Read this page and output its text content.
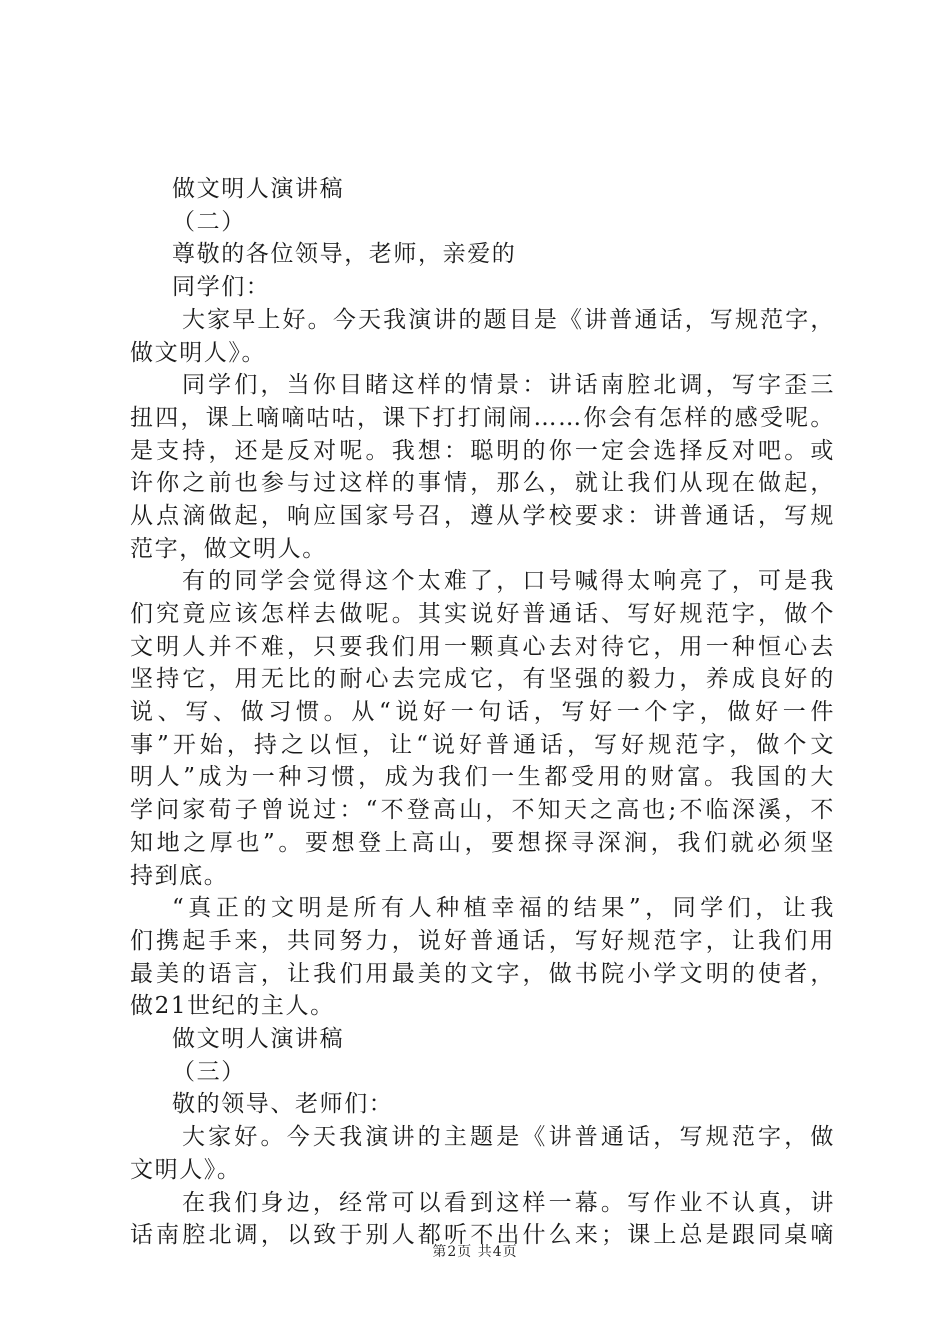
做文明人演讲稿
（二）
尊敬的各位领导，老师，亲爱的
同学们：
大家早上好。今天我演讲的题目是《讲普通话，写规范字，
做文明人》。
同学们，当你目睹这样的情景：讲话南腔北调，写字歪三
扭四，课上嘀嘀咕咕，课下打打闹闹……你会有怎样的感受呢。
是支持，还是反对呢。我想：聪明的你一定会选择反对吧。或
许你之前也参与过这样的事情，那么，就让我们从现在做起，
从点滴做起，响应国家号召，遵从学校要求：讲普通话，写规
范字，做文明人。
有的同学会觉得这个太难了，口号喊得太响亮了，可是我
们究竟应该怎样去做呢。其实说好普通话、写好规范字，做个
文明人并不难，只要我们用一颗真心去对待它，用一种恒心去
坚持它，用无比的耐心去完成它，有坚强的毅力，养成良好的
说、写、做习惯。从“说好一句话，写好一个字，做好一件
事”开始，持之以恒，让“说好普通话，写好规范字，做个文
明人”成为一种习惯，成为我们一生都受用的财富。我国的大
学问家荀子曾说过：“不登高山，不知天之高也;不临深溪，不
知地之厚也”。要想登上高山，要想探寻深涧，我们就必须坚
持到底。
“真正的文明是所有人种植幸福的结果”，同学们，让我
们携起手来，共同努力，说好普通话，写好规范字，让我们用
最美的语言，让我们用最美的文字，做书院小学文明的使者，
做21世纪的主人。
做文明人演讲稿
（三）
敬的领导、老师们：
大家好。今天我演讲的主题是《讲普通话，写规范字，做
文明人》。
在我们身边，经常可以看到这样一幕。写作业不认真，讲
话南腔北调，以致于别人都听不出什么来；课上总是跟同桌嘀
第2页 共4页
